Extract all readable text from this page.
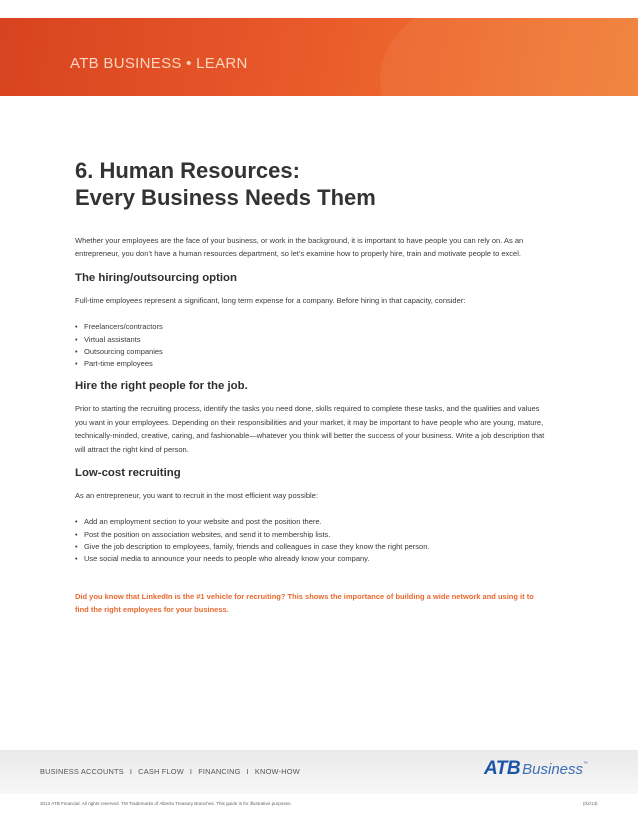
ATB BUSINESS • LEARN
6. Human Resources:
Every Business Needs Them

Whether your employees are the face of your business, or work in the background, it is important to have people you can rely on. As an entrepreneur, you don’t have a human resources department, so let’s examine how to properly hire, train and motivate people to excel.

The hiring/outsourcing option

Full-time employees represent a significant, long term expense for a company. Before hiring in that capacity, consider:

• Freelancers/contractors
• Virtual assistants
• Outsourcing companies
• Part-time employees
Hire the right people for the job.

Prior to starting the recruiting process, identify the tasks you need done, skills required to complete these tasks, and the qualities and values you want in your employees. Depending on their responsibilities and your market, it may be important to have people who are young, mature, technically-minded, creative, caring, and fashionable—whatever you think will better the success of your business. Write a job description that will attract the right kind of person.

Low-cost recruiting

As an entrepreneur, you want to recruit in the most efficient way possible:

• Add an employment section to your website and post the position there.
• Post the position on association websites, and send it to membership lists.
• Give the job description to employees, family, friends and colleagues in case they know the right person.
• Use social media to announce your needs to people who already know your company.

Did you know that LinkedIn is the #1 vehicle for recruiting? This shows the importance of building a wide network and using it to find the right employees for your business.

BUSINESS ACCOUNTS I CASH FLOW I FINANCING I KNOW-HOW	ATB Business™
2013 ATB Financial. All rights reserved. TM Trademarks of Alberta Treasury Branches. This guide is for illustrative purposes.	(02/13)
